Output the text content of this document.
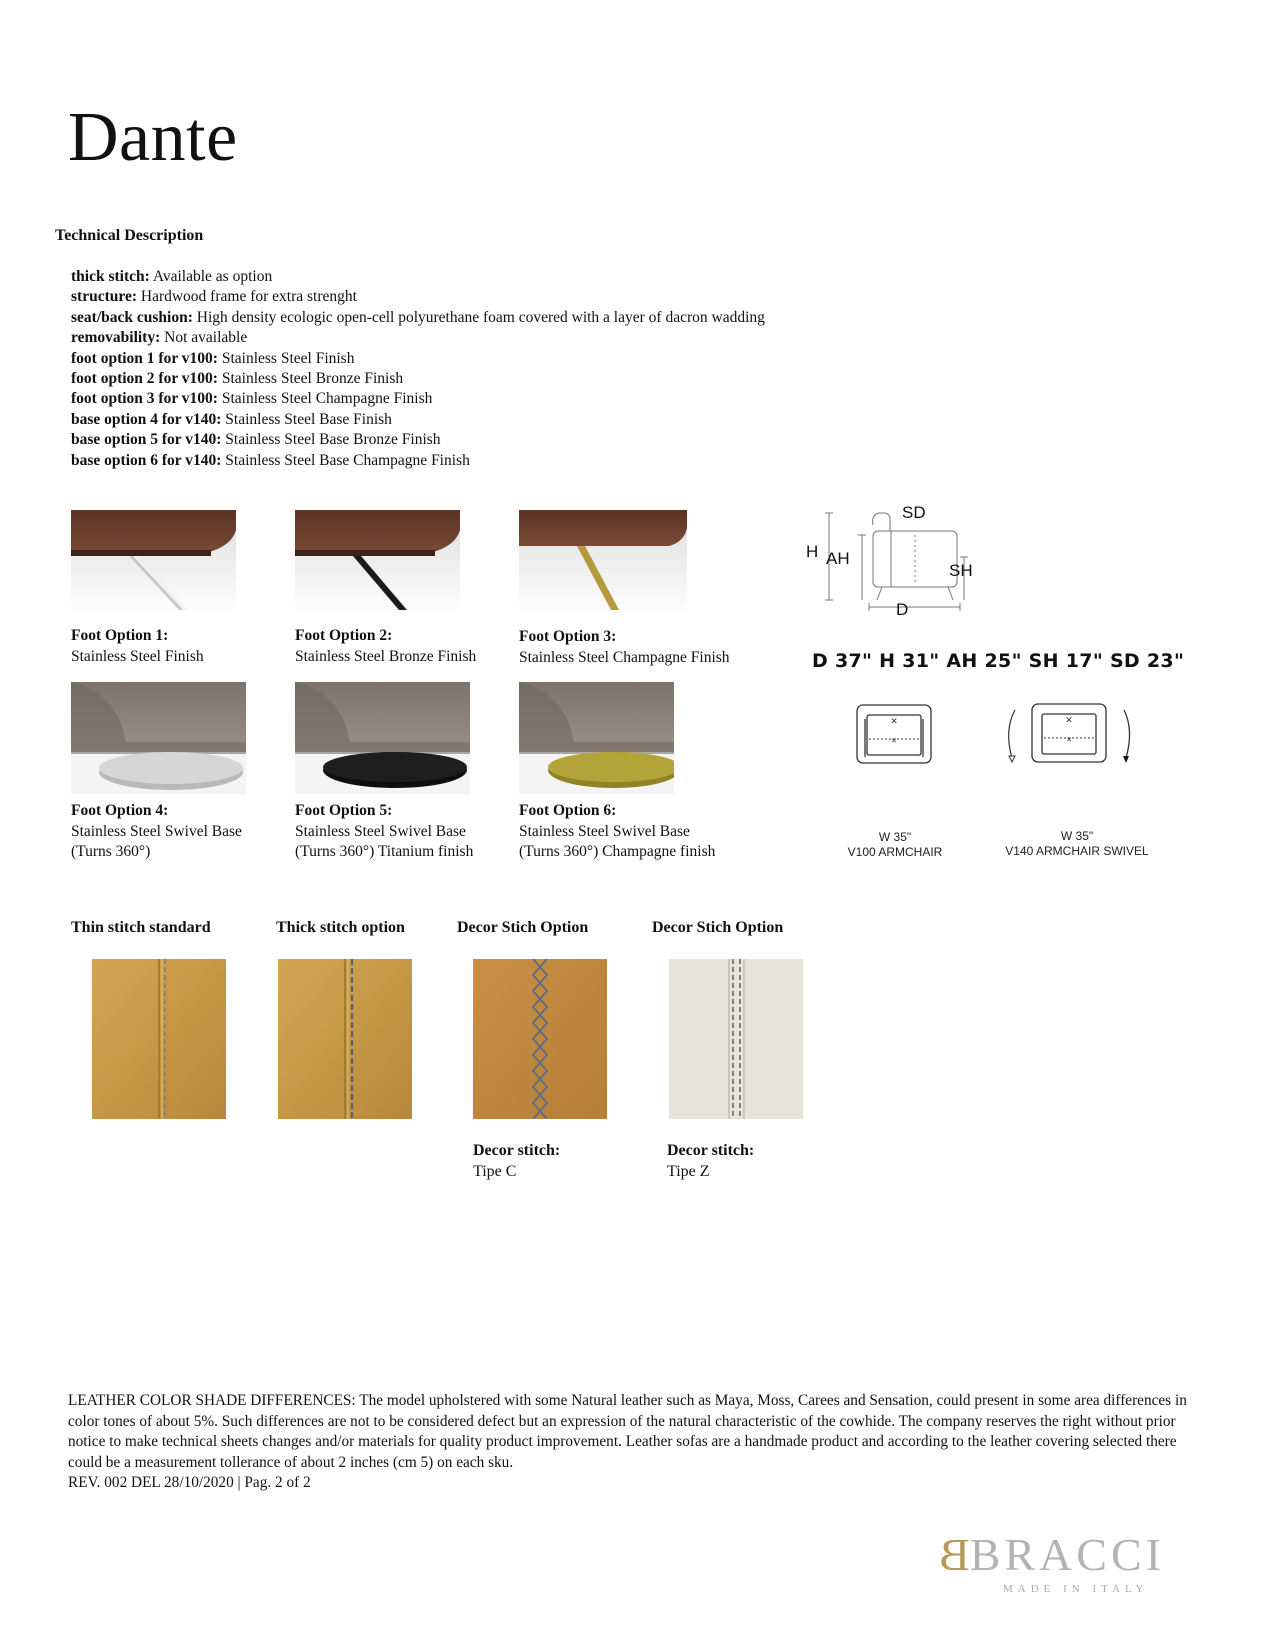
Dante
Technical Description
thick stitch: Available as option
structure: Hardwood frame for extra strenght
seat/back cushion: High density ecologic open-cell polyurethane foam covered with a layer of dacron wadding
removability: Not available
foot option 1 for v100: Stainless Steel Finish
foot option 2 for v100: Stainless Steel Bronze Finish
foot option 3 for v100: Stainless Steel Champagne Finish
base option 4 for v140: Stainless Steel Base Finish
base option 5 for v140: Stainless Steel Base Bronze Finish
base option 6 for v140: Stainless Steel Base Champagne Finish
Foot Option 1:
Stainless Steel Finish
Foot Option 2:
Stainless Steel Bronze Finish
Foot Option 3:
Stainless Steel Champagne Finish
Foot Option 4:
Stainless Steel Swivel Base
(Turns 360°)
Foot Option 5:
Stainless Steel Swivel Base
(Turns 360°) Titanium finish
Foot Option 6:
Stainless Steel Swivel Base
(Turns 360°) Champagne finish
H AH
SD
SH
D
D 37" H 31" AH 25" SH 17" SD 23"
✕
✕
✕
✕
W 35"
V100 ARMCHAIR
W 35"
V140 ARMCHAIR SWIVEL
Thin stitch standard	Thick stitch option	Decor Stich Option	Decor Stich Option
Decor stitch:
Tipe C
Decor stitch:
Tipe Z
LEATHER COLOR SHADE DIFFERENCES: The model upholstered with some Natural leather such as Maya, Moss, Carees and Sensation, could present in some area differences in color tones of about 5%. Such differences are not to be considered defect but an expression of the natural characteristic of the cowhide. The company reserves the right without prior notice to make technical sheets changes and/or materials for quality product improvement. Leather sofas are a handmade product and according to the leather covering selected there could be a measurement tollerance of about 2 inches (cm 5) on each sku.
REV. 002 DEL 28/10/2020 | Pag. 2 of 2
BBRACCI
MADE IN ITALY
